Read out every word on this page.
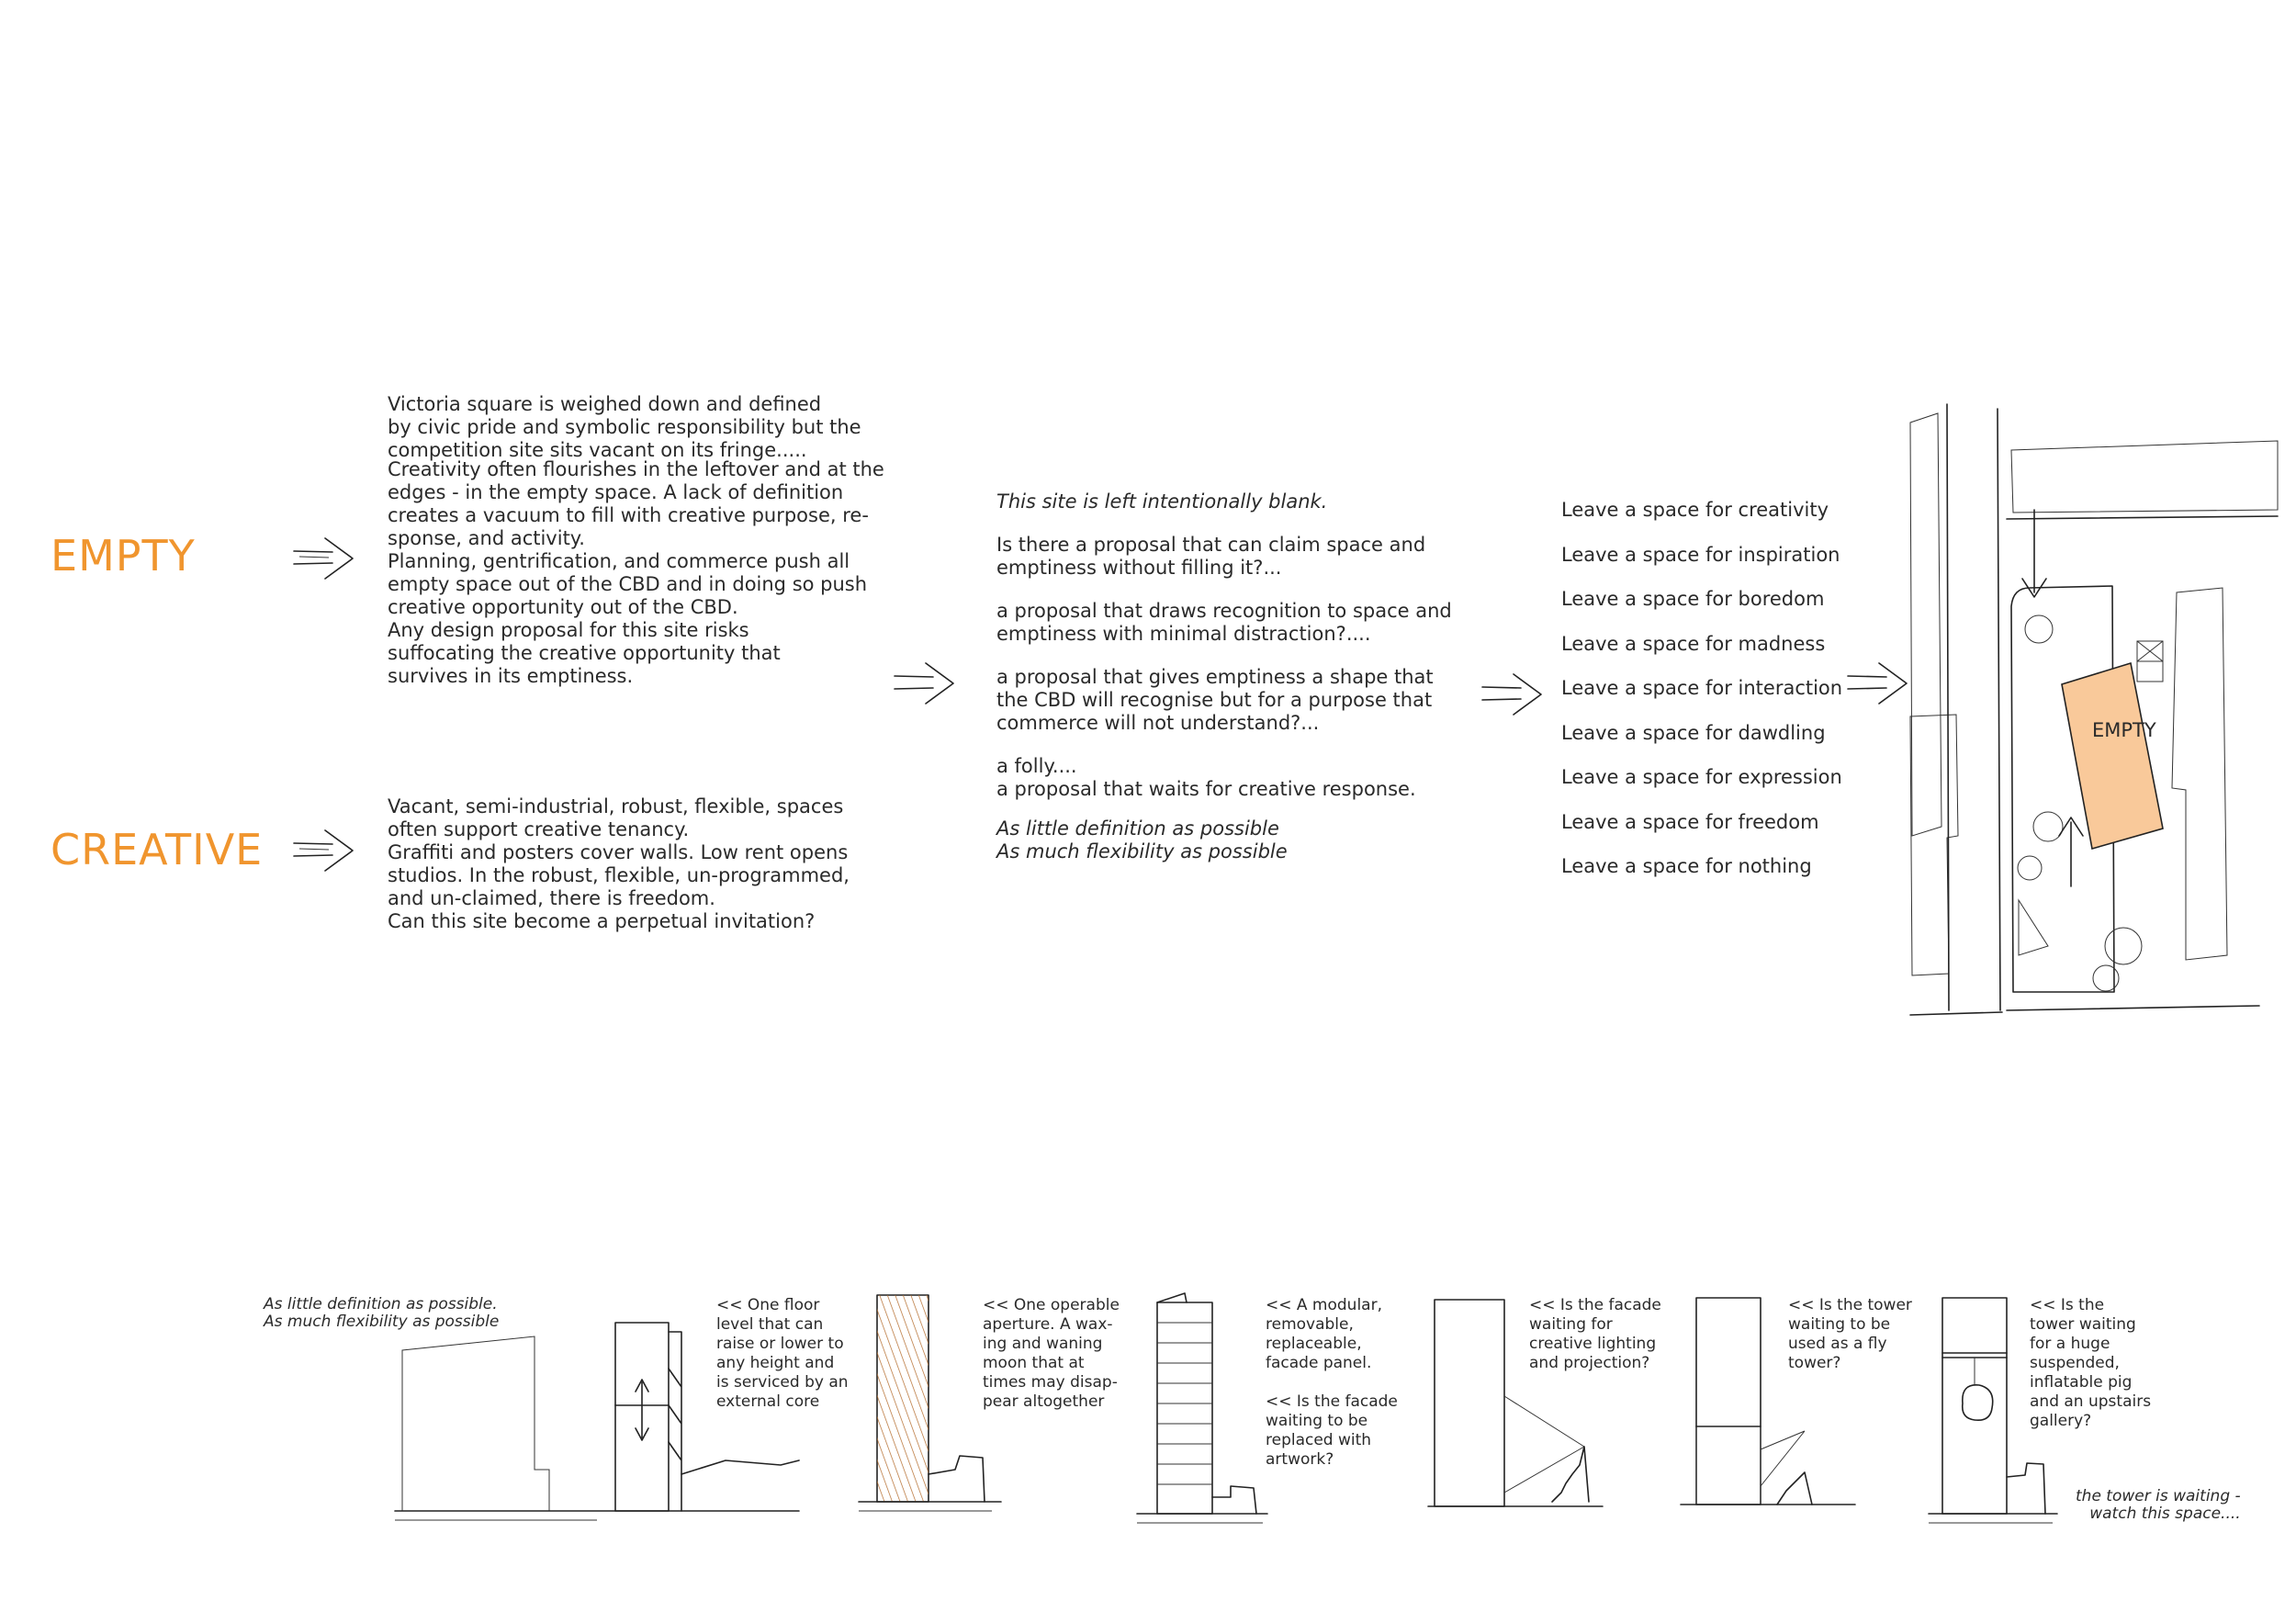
EMPTY
CREATIVE

Victoria square is weighed down and defined
by civic pride and symbolic responsibility but the
competition site sits vacant on its fringe.....

Creativity often flourishes in the leftover and at the
edges - in the empty space. A lack of definition
creates a vacuum to fill with creative purpose, re-
sponse, and activity.

Planning, gentrification, and commerce push all
empty space out of the CBD and in doing so push
creative opportunity out of the CBD.

Any design proposal for this site risks
suffocating the creative opportunity that
survives in its emptiness.

Vacant, semi-industrial, robust, flexible, spaces
often support creative tenancy.

Graffiti and posters cover walls. Low rent opens
studios. In the robust, flexible, un-programmed,
and un-claimed, there is freedom.

Can this site become a perpetual invitation?

This site is left intentionally blank.

Is there a proposal that can claim space and
emptiness without filling it?...

a proposal that draws recognition to space and
emptiness with minimal distraction?....

a proposal that gives emptiness a shape that
the CBD will recognise but for a purpose that
commerce will not understand?...

a folly....
a proposal that waits for creative response.

As little definition as possible
As much flexibility as possible

Leave a space for creativity
Leave a space for inspiration
Leave a space for boredom
Leave a space for madness
Leave a space for interaction
Leave a space for dawdling
Leave a space for expression
Leave a space for freedom
Leave a space for nothing
EMPTY
As little definition as possible.
As much flexibility as possible
<< One floor
level that can
raise or lower to
any height and
is serviced by an
external core
<< One operable
aperture. A wax-
ing and waning
moon that at
times may disap-
pear altogether
<< A modular,
removable,
replaceable,
facade panel.

<< Is the facade
waiting to be
replaced with
artwork?
<< Is the facade
waiting for
creative lighting
and projection?
<< Is the tower
waiting to be
used as a fly
tower?
<< Is the
tower waiting
for a huge
suspended,
inflatable pig
and an upstairs
gallery?
the tower is waiting -
watch this space....
